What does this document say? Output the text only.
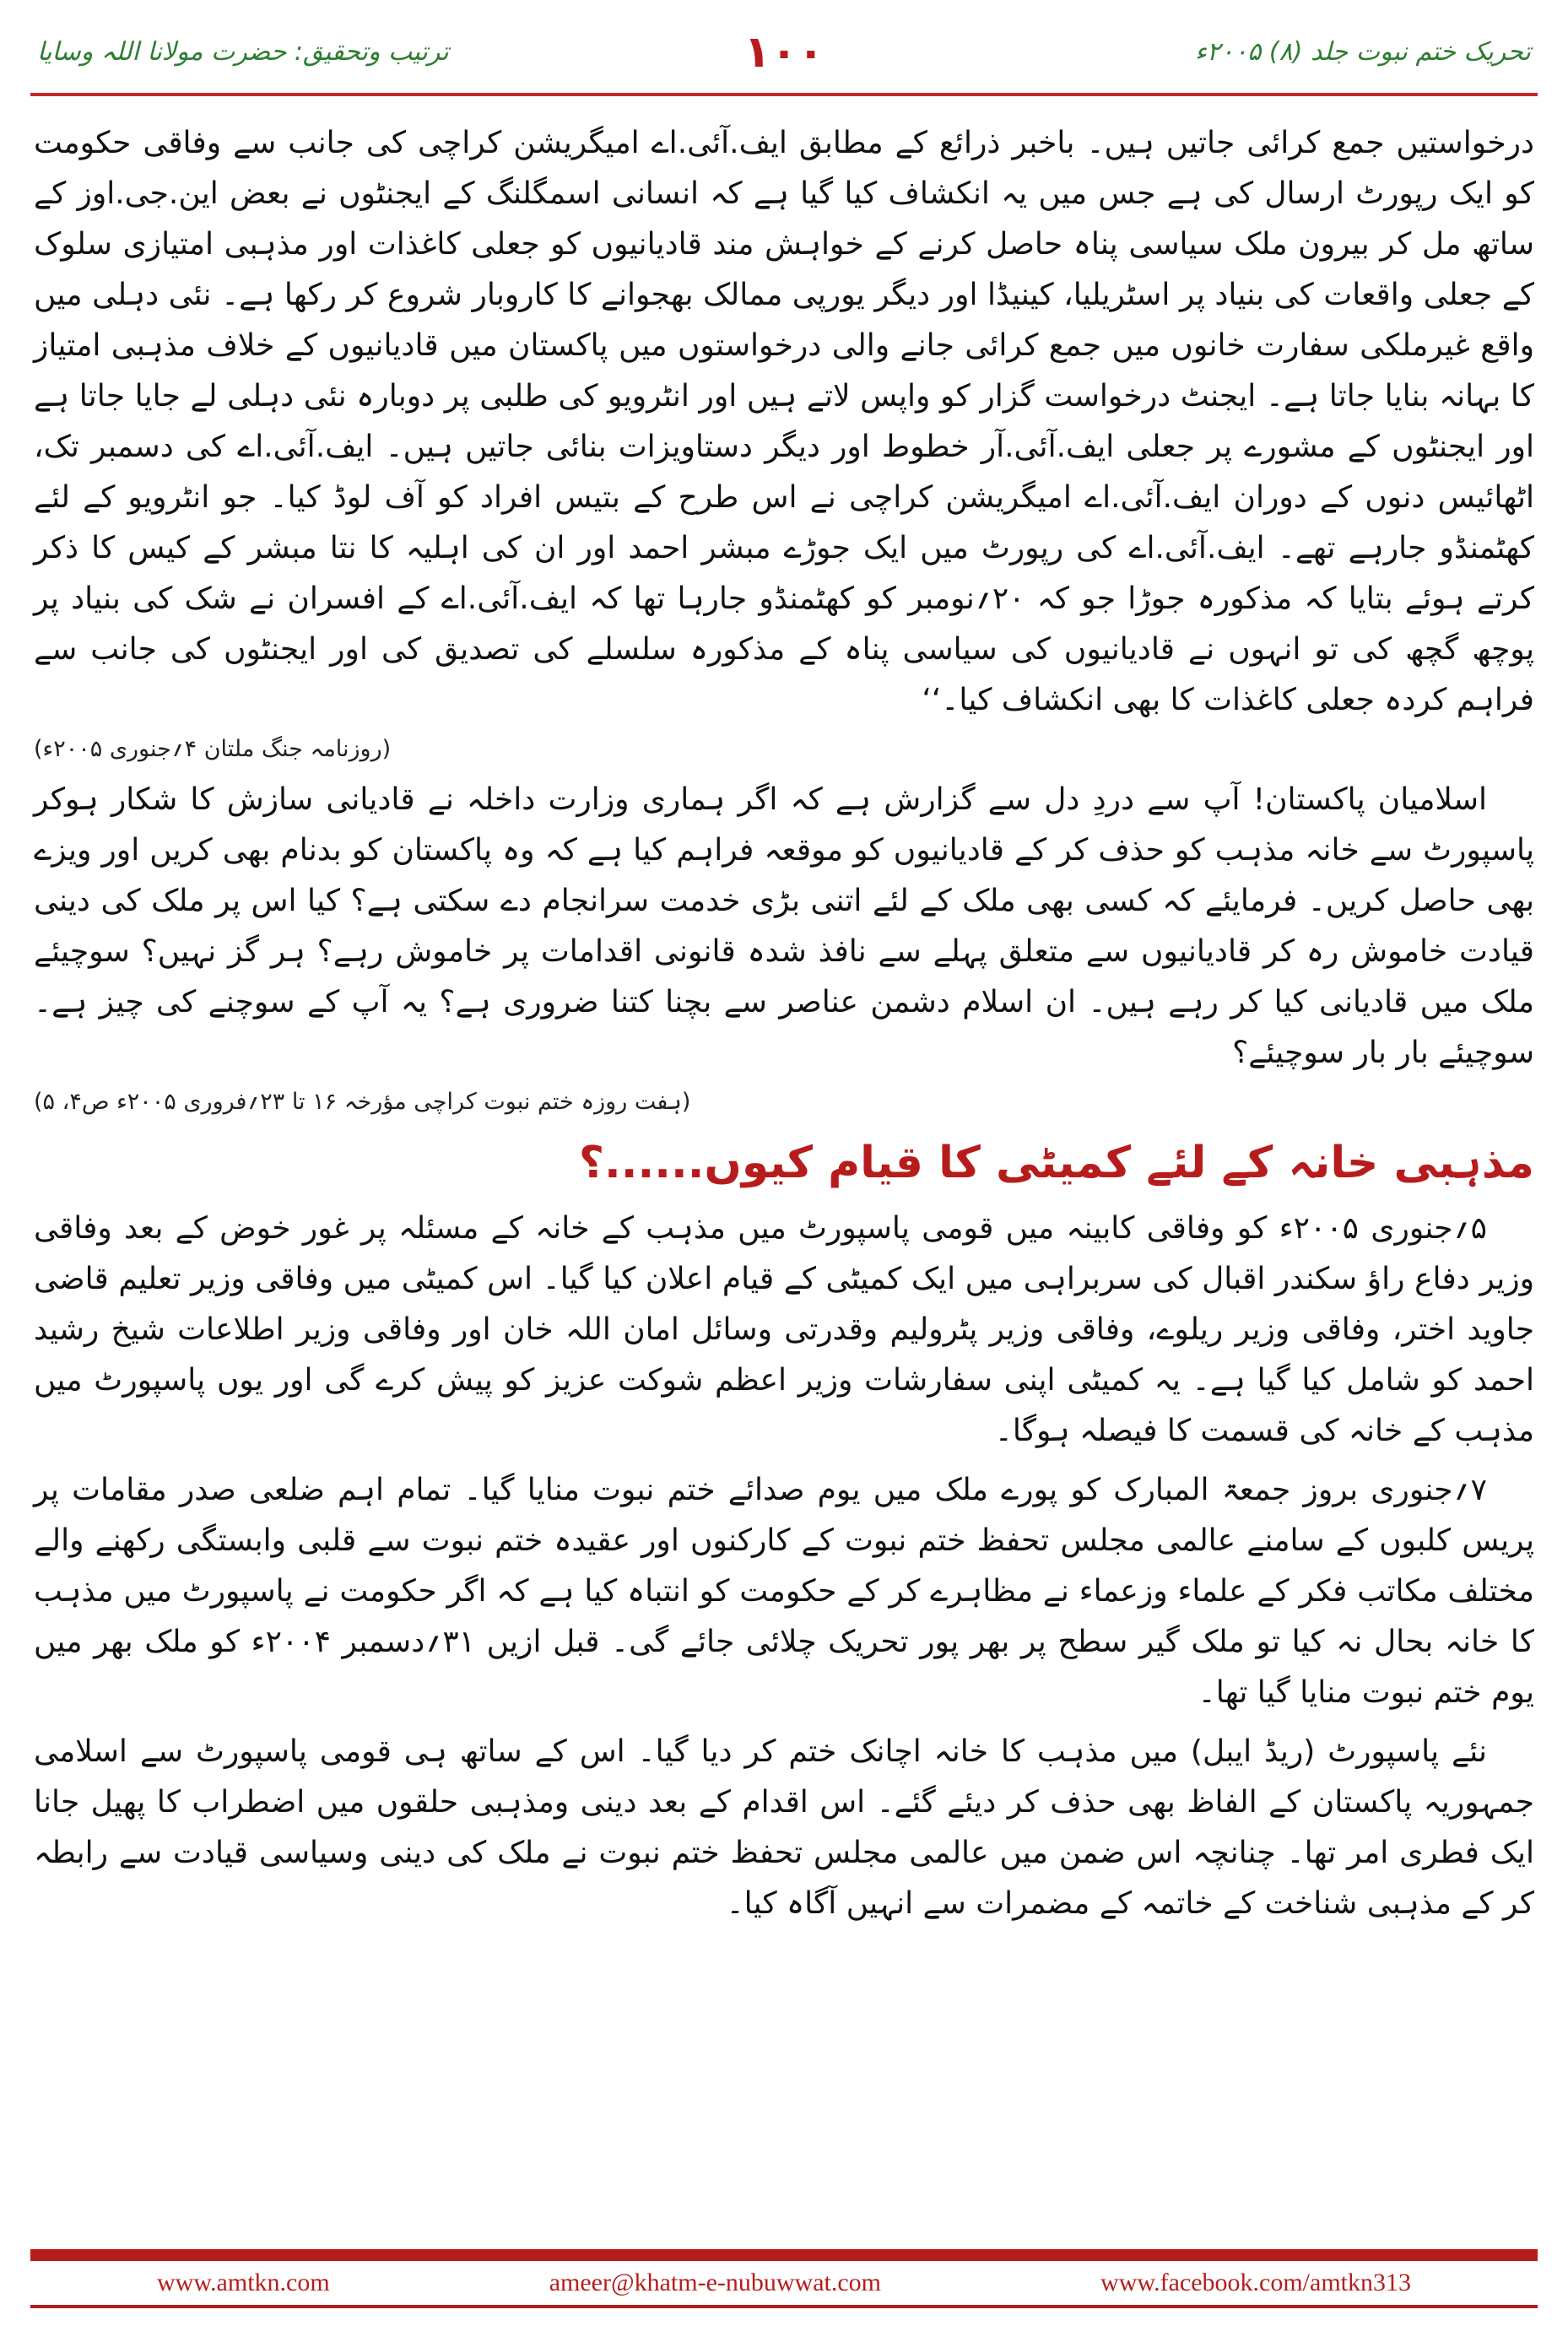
ترتیب وتحقیق: حضرت مولانا اللہ وسایا	۱۰۰	تحریک ختم نبوت جلد (۸) ۲۰۰۵ء

درخواستیں جمع کرائی جاتیں ہیں۔ باخبر ذرائع کے مطابق ایف.آئی.اے امیگریشن کراچی کی جانب سے وفاقی حکومت کو ایک رپورٹ ارسال کی ہے جس میں یہ انکشاف کیا گیا ہے کہ انسانی اسمگلنگ کے ایجنٹوں نے بعض این.جی.اوز کے ساتھ مل کر بیرون ملک سیاسی پناہ حاصل کرنے کے خواہش مند قادیانیوں کو جعلی کاغذات اور مذہبی امتیازی سلوک کے جعلی واقعات کی بنیاد پر اسٹریلیا، کینیڈا اور دیگر یورپی ممالک بھجوانے کا کاروبار شروع کر رکھا ہے۔ نئی دہلی میں واقع غیرملکی سفارت خانوں میں جمع کرائی جانے والی درخواستوں میں پاکستان میں قادیانیوں کے خلاف مذہبی امتیاز کا بہانہ بنایا جاتا ہے۔ ایجنٹ درخواست گزار کو واپس لاتے ہیں اور انٹرویو کی طلبی پر دوبارہ نئی دہلی لے جایا جاتا ہے اور ایجنٹوں کے مشورے پر جعلی ایف.آئی.آر خطوط اور دیگر دستاویزات بنائی جاتیں ہیں۔ ایف.آئی.اے کی دسمبر تک، اٹھائیس دنوں کے دوران ایف.آئی.اے امیگریشن کراچی نے اس طرح کے بتیس افراد کو آف لوڈ کیا۔ جو انٹرویو کے لئے کھٹمنڈو جارہے تھے۔ ایف.آئی.اے کی رپورٹ میں ایک جوڑے مبشر احمد اور ان کی اہلیہ کا نتا مبشر کے کیس کا ذکر کرتے ہوئے بتایا کہ مذکورہ جوڑا جو کہ ۲۰؍نومبر کو کھٹمنڈو جارہا تھا کہ ایف.آئی.اے کے افسران نے شک کی بنیاد پر پوچھ گچھ کی تو انہوں نے قادیانیوں کی سیاسی پناہ کے مذکورہ سلسلے کی تصدیق کی اور ایجنٹوں کی جانب سے فراہم کردہ جعلی کاغذات کا بھی انکشاف کیا۔‘‘

(روزنامہ جنگ ملتان ۴؍جنوری ۲۰۰۵ء)

اسلامیان پاکستان! آپ سے دردِ دل سے گزارش ہے کہ اگر ہماری وزارت داخلہ نے قادیانی سازش کا شکار ہوکر پاسپورٹ سے خانہ مذہب کو حذف کر کے قادیانیوں کو موقعہ فراہم کیا ہے کہ وہ پاکستان کو بدنام بھی کریں اور ویزے بھی حاصل کریں۔ فرمایئے کہ کسی بھی ملک کے لئے اتنی بڑی خدمت سرانجام دے سکتی ہے؟ کیا اس پر ملک کی دینی قیادت خاموش رہ کر قادیانیوں سے متعلق پہلے سے نافذ شدہ قانونی اقدامات پر خاموش رہے؟ ہر گز نہیں؟ سوچیئے ملک میں قادیانی کیا کر رہے ہیں۔ ان اسلام دشمن عناصر سے بچنا کتنا ضروری ہے؟ یہ آپ کے سوچنے کی چیز ہے۔ سوچیئے بار بار سوچیئے؟

(ہفت روزہ ختم نبوت کراچی مؤرخہ ۱۶ تا ۲۳؍فروری ۲۰۰۵ء ص۴، ۵)
مذہبی خانہ کے لئے کمیٹی کا قیام کیوں......؟

۵؍جنوری ۲۰۰۵ء کو وفاقی کابینہ میں قومی پاسپورٹ میں مذہب کے خانہ کے مسئلہ پر غور خوض کے بعد وفاقی وزیر دفاع راؤ سکندر اقبال کی سربراہی میں ایک کمیٹی کے قیام اعلان کیا گیا۔ اس کمیٹی میں وفاقی وزیر تعلیم قاضی جاوید اختر، وفاقی وزیر ریلوے، وفاقی وزیر پٹرولیم وقدرتی وسائل امان اللہ خان اور وفاقی وزیر اطلاعات شیخ رشید احمد کو شامل کیا گیا ہے۔ یہ کمیٹی اپنی سفارشات وزیر اعظم شوکت عزیز کو پیش کرے گی اور یوں پاسپورٹ میں مذہب کے خانہ کی قسمت کا فیصلہ ہوگا۔

۷؍جنوری بروز جمعۃ المبارک کو پورے ملک میں یوم صدائے ختم نبوت منایا گیا۔ تمام اہم ضلعی صدر مقامات پر پریس کلبوں کے سامنے عالمی مجلس تحفظ ختم نبوت کے کارکنوں اور عقیدہ ختم نبوت سے قلبی وابستگی رکھنے والے مختلف مکاتب فکر کے علماء وزعماء نے مظاہرے کر کے حکومت کو انتباہ کیا ہے کہ اگر حکومت نے پاسپورٹ میں مذہب کا خانہ بحال نہ کیا تو ملک گیر سطح پر بھر پور تحریک چلائی جائے گی۔ قبل ازیں ۳۱؍دسمبر ۲۰۰۴ء کو ملک بھر میں یوم ختم نبوت منایا گیا تھا۔

نئے پاسپورٹ (ریڈ ایبل) میں مذہب کا خانہ اچانک ختم کر دیا گیا۔ اس کے ساتھ ہی قومی پاسپورٹ سے اسلامی جمہوریہ پاکستان کے الفاظ بھی حذف کر دیئے گئے۔ اس اقدام کے بعد دینی ومذہبی حلقوں میں اضطراب کا پھیل جانا ایک فطری امر تھا۔ چنانچہ اس ضمن میں عالمی مجلس تحفظ ختم نبوت نے ملک کی دینی وسیاسی قیادت سے رابطہ کر کے مذہبی شناخت کے خاتمہ کے مضمرات سے انہیں آگاہ کیا۔

www.amtkn.com	ameer@khatm-e-nubuwwat.com	www.facebook.com/amtkn313
